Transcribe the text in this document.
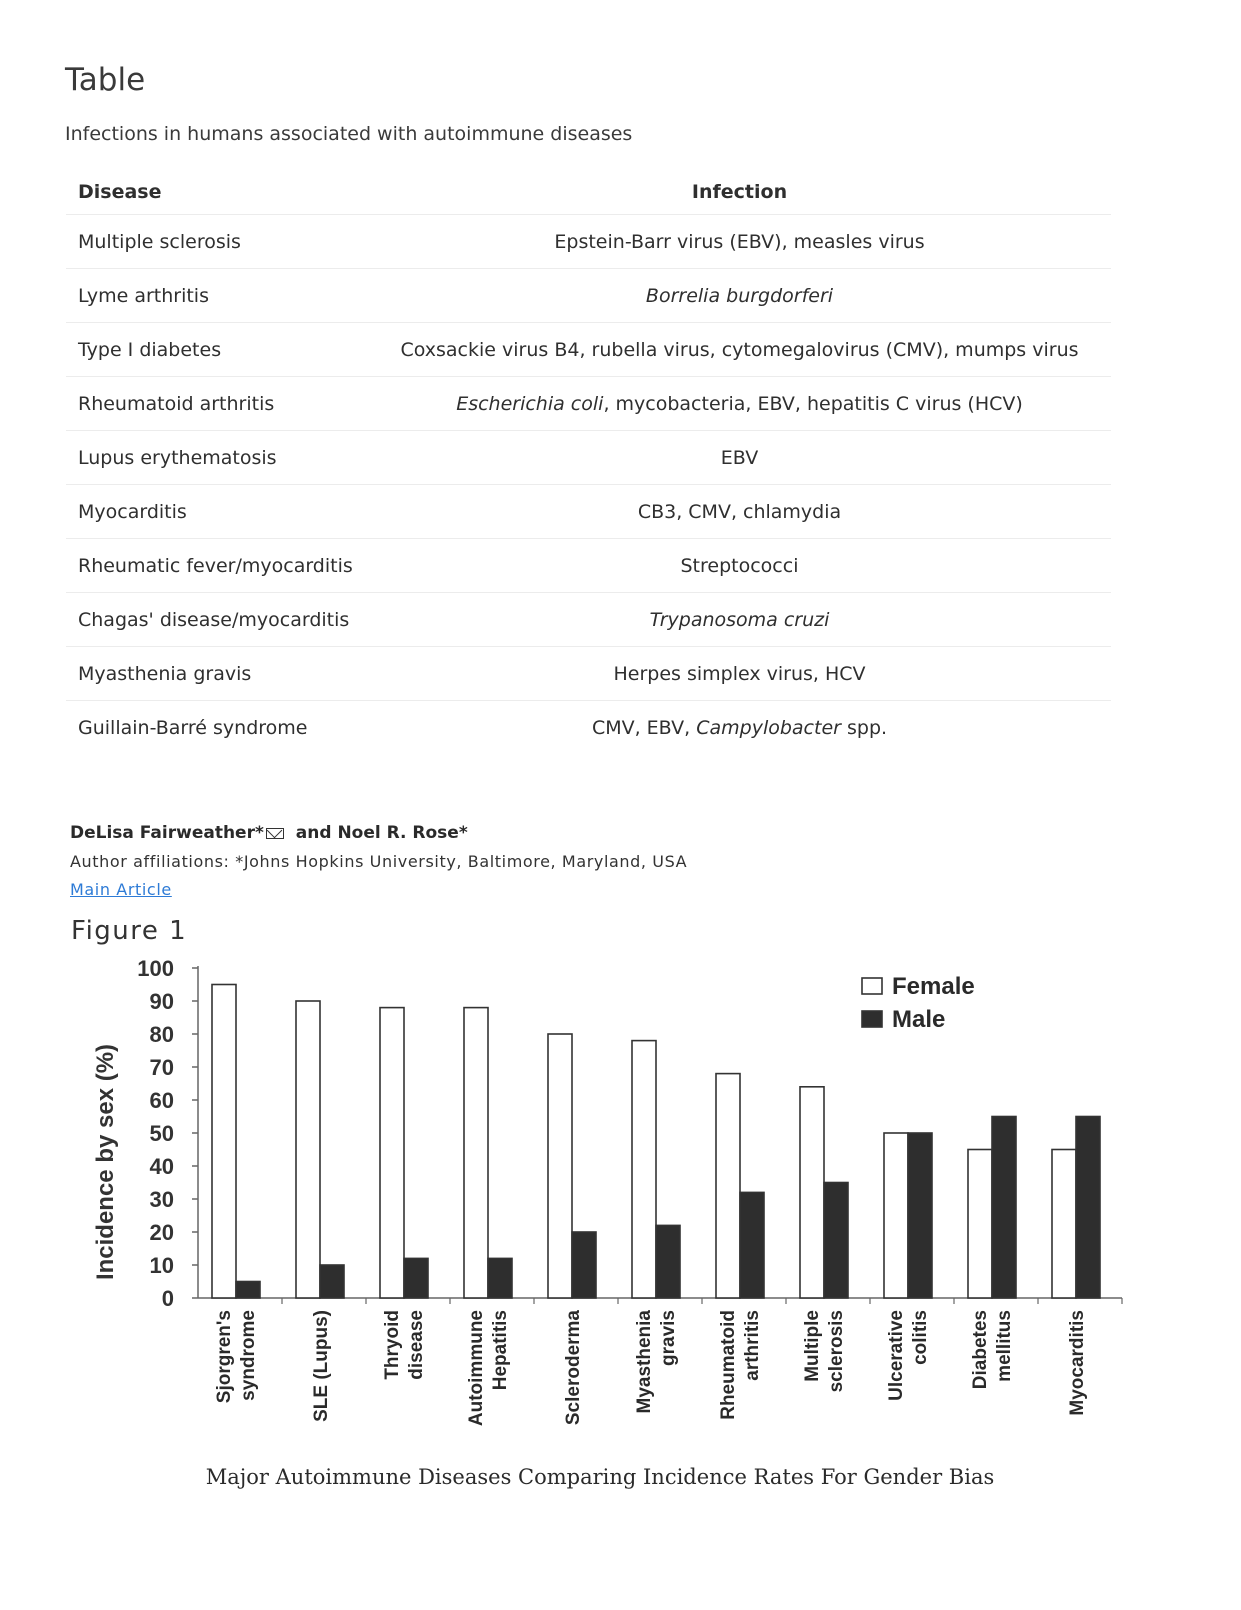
Table

Infections in humans associated with autoimmune diseases

Disease	Infection
Multiple sclerosis	Epstein-Barr virus (EBV), measles virus
Lyme arthritis	Borrelia burgdorferi
Type I diabetes	Coxsackie virus B4, rubella virus, cytomegalovirus (CMV), mumps virus
Rheumatoid arthritis	Escherichia coli, mycobacteria, EBV, hepatitis C virus (HCV)
Lupus erythematosis	EBV
Myocarditis	CB3, CMV, chlamydia
Rheumatic fever/myocarditis	Streptococci
Chagas' disease/myocarditis	Trypanosoma cruzi
Myasthenia gravis	Herpes simplex virus, HCV
Guillain-Barré syndrome	CMV, EBV, Campylobacter spp.

DeLisa Fairweather* and Noel R. Rose*

Author affiliations: *Johns Hopkins University, Baltimore, Maryland, USA

Main Article
Figure 1
0
10
20
30
40
50
60
70
80
90
100
Incidence by sex (%)
Sjorgren's syndrome	SLE (Lupus)	Thryoid disease Autoimmune Hepatitis	Scleroderma	Myasthenia gravis Rheumatoid arthritis Multiple sclerosis Ulcerative colitis Diabetes mellitus	Myocarditis
Female
Male

Major Autoimmune Diseases Comparing Incidence Rates For Gender Bias
